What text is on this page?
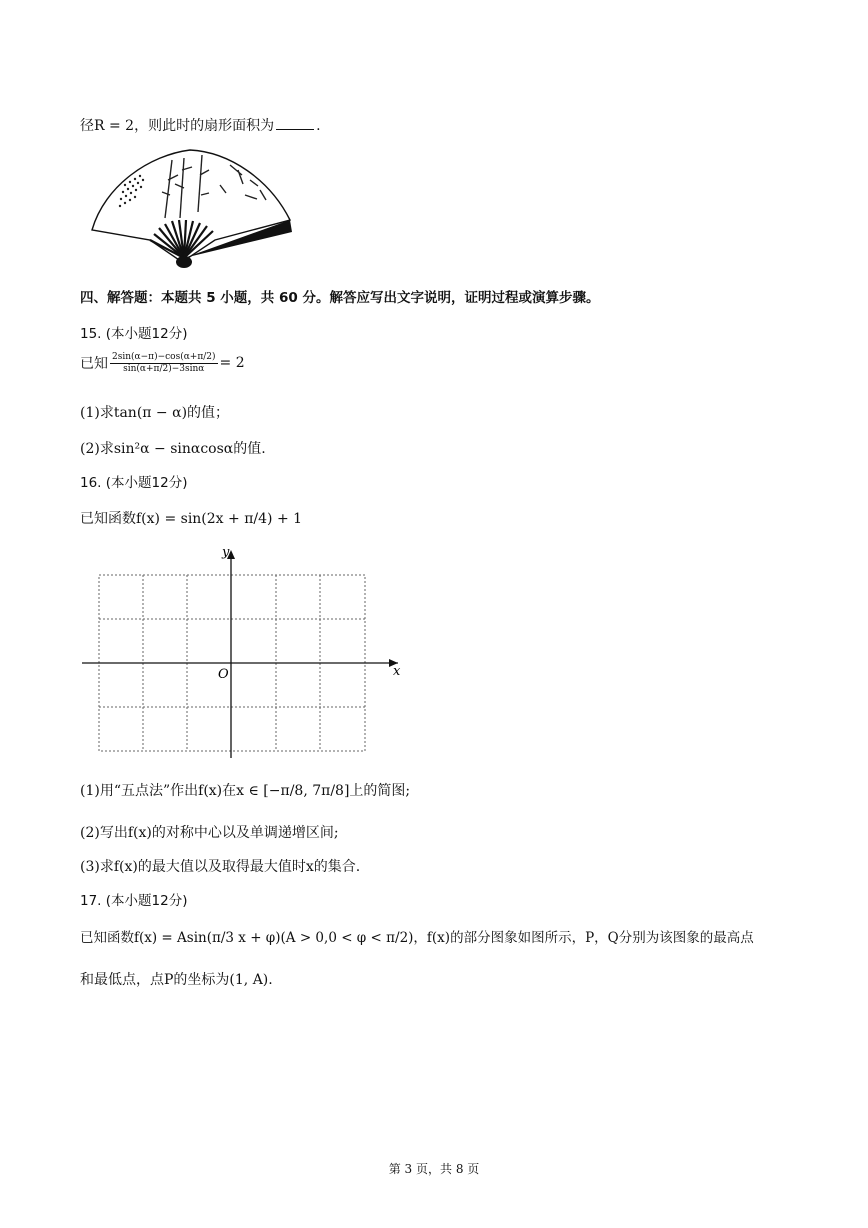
径R = 2，则此时的扇形面积为	.
四、解答题：本题共 5 小题，共 60 分。解答应写出文字说明，证明过程或演算步骤。
15. (本小题12分)
已知 $\frac{2\sin(\alpha-\pi)-\cos(\alpha+\pi/2)}{\sin(\alpha+\pi/2)-3\sin\alpha} = 2$
(1)求tan(π − α)的值；
(2)求sin²α − sinαcosα的值.
16. (本小题12分)
已知函数f(x) = sin(2x + π/4) + 1
y
x
O
(1)用“五点法”作出f(x)在x ∈ [−π/8, 7π/8]上的简图;
(2)写出f(x)的对称中心以及单调递增区间;
(3)求f(x)的最大值以及取得最大值时x的集合.
17. (本小题12分)
已知函数f(x) = Asin(π/3 x + φ)(A > 0,0 < φ < π/2)，f(x)的部分图象如图所示，P，Q分别为该图象的最高点
和最低点，点P的坐标为(1, A).
第 3 页，共 8 页
